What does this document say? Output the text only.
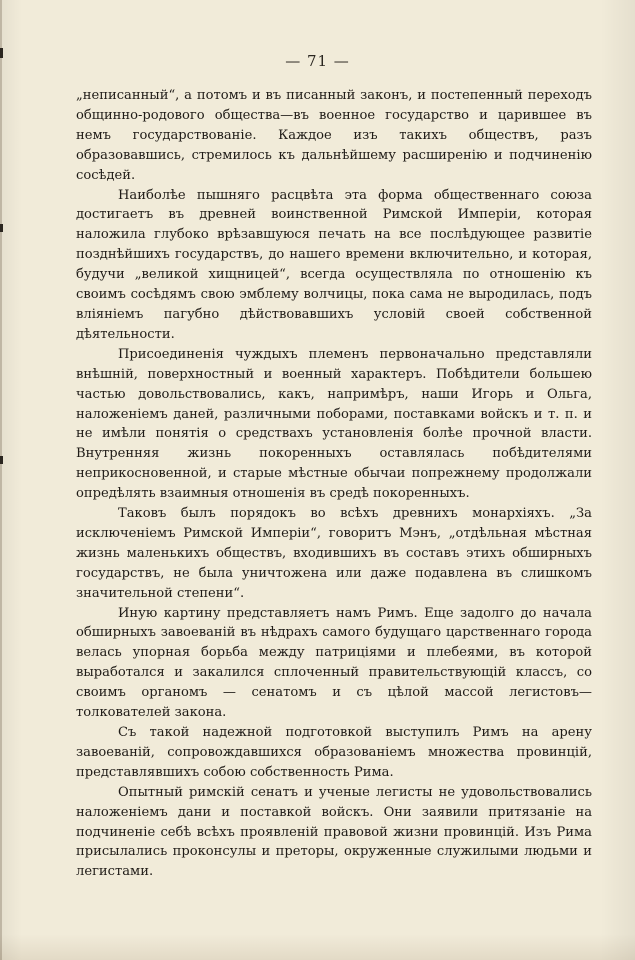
— 71 —

„неписанный“, а потомъ и въ писанный законъ, и постепенный переходъ общинно-родового общества—въ военное государство и царившее въ немъ государствованіе. Каждое изъ такихъ обществъ, разъ образовавшись, стремилось къ дальнѣйшему расширенію и подчиненію сосѣдей.

Наиболѣе пышняго расцвѣта эта форма общественнаго союза достигаетъ въ древней воинственной Римской Имперіи, которая наложила глубоко врѣзавшуюся печать на все послѣдующее развитіе позднѣйшихъ государствъ, до нашего времени включительно, и которая, будучи „великой хищницей“, всегда осуществляла по отношенію къ своимъ сосѣдямъ свою эмблему волчицы, пока сама не выродилась, подъ вліяніемъ пагубно дѣйствовавшихъ условій своей собственной дѣятельности.

Присоединенія чуждыхъ племенъ первоначально представляли внѣшній, поверхностный и военный характеръ. Побѣдители большею частью довольствовались, какъ, напримѣръ, наши Игорь и Ольга, наложеніемъ даней, различными поборами, поставками войскъ и т. п. и не имѣли понятія о средствахъ установленія болѣе прочной власти. Внутренняя жизнь покоренныхъ оставлялась побѣдителями неприкосновенной, и старые мѣстные обычаи попрежнему продолжали опредѣлять взаимныя отношенія въ средѣ покоренныхъ.

Таковъ былъ порядокъ во всѣхъ древнихъ монархіяхъ. „За исключеніемъ Римской Имперіи“, говоритъ Мэнъ, „отдѣльная мѣстная жизнь маленькихъ обществъ, входившихъ въ составъ этихъ обширныхъ государствъ, не была уничтожена или даже подавлена въ слишкомъ значительной степени“.

Иную картину представляетъ намъ Римъ. Еще задолго до начала обширныхъ завоеваній въ нѣдрахъ самого будущаго царственнаго города велась упорная борьба между патриціями и плебеями, въ которой выработался и закалился сплоченный правительствующій классъ, со своимъ органомъ — сенатомъ и съ цѣлой массой легистовъ—толкователей закона.

Съ такой надежной подготовкой выступилъ Римъ на арену завоеваній, сопровождавшихся образованіемъ множества провинцій, представлявшихъ собою собственность Рима.

Опытный римскій сенатъ и ученые легисты не удовольствовались наложеніемъ дани и поставкой войскъ. Они заявили притязаніе на подчиненіе себѣ всѣхъ проявленій правовой жизни провинцій. Изъ Рима присылались проконсулы и преторы, окруженные служилыми людьми и легистами.
